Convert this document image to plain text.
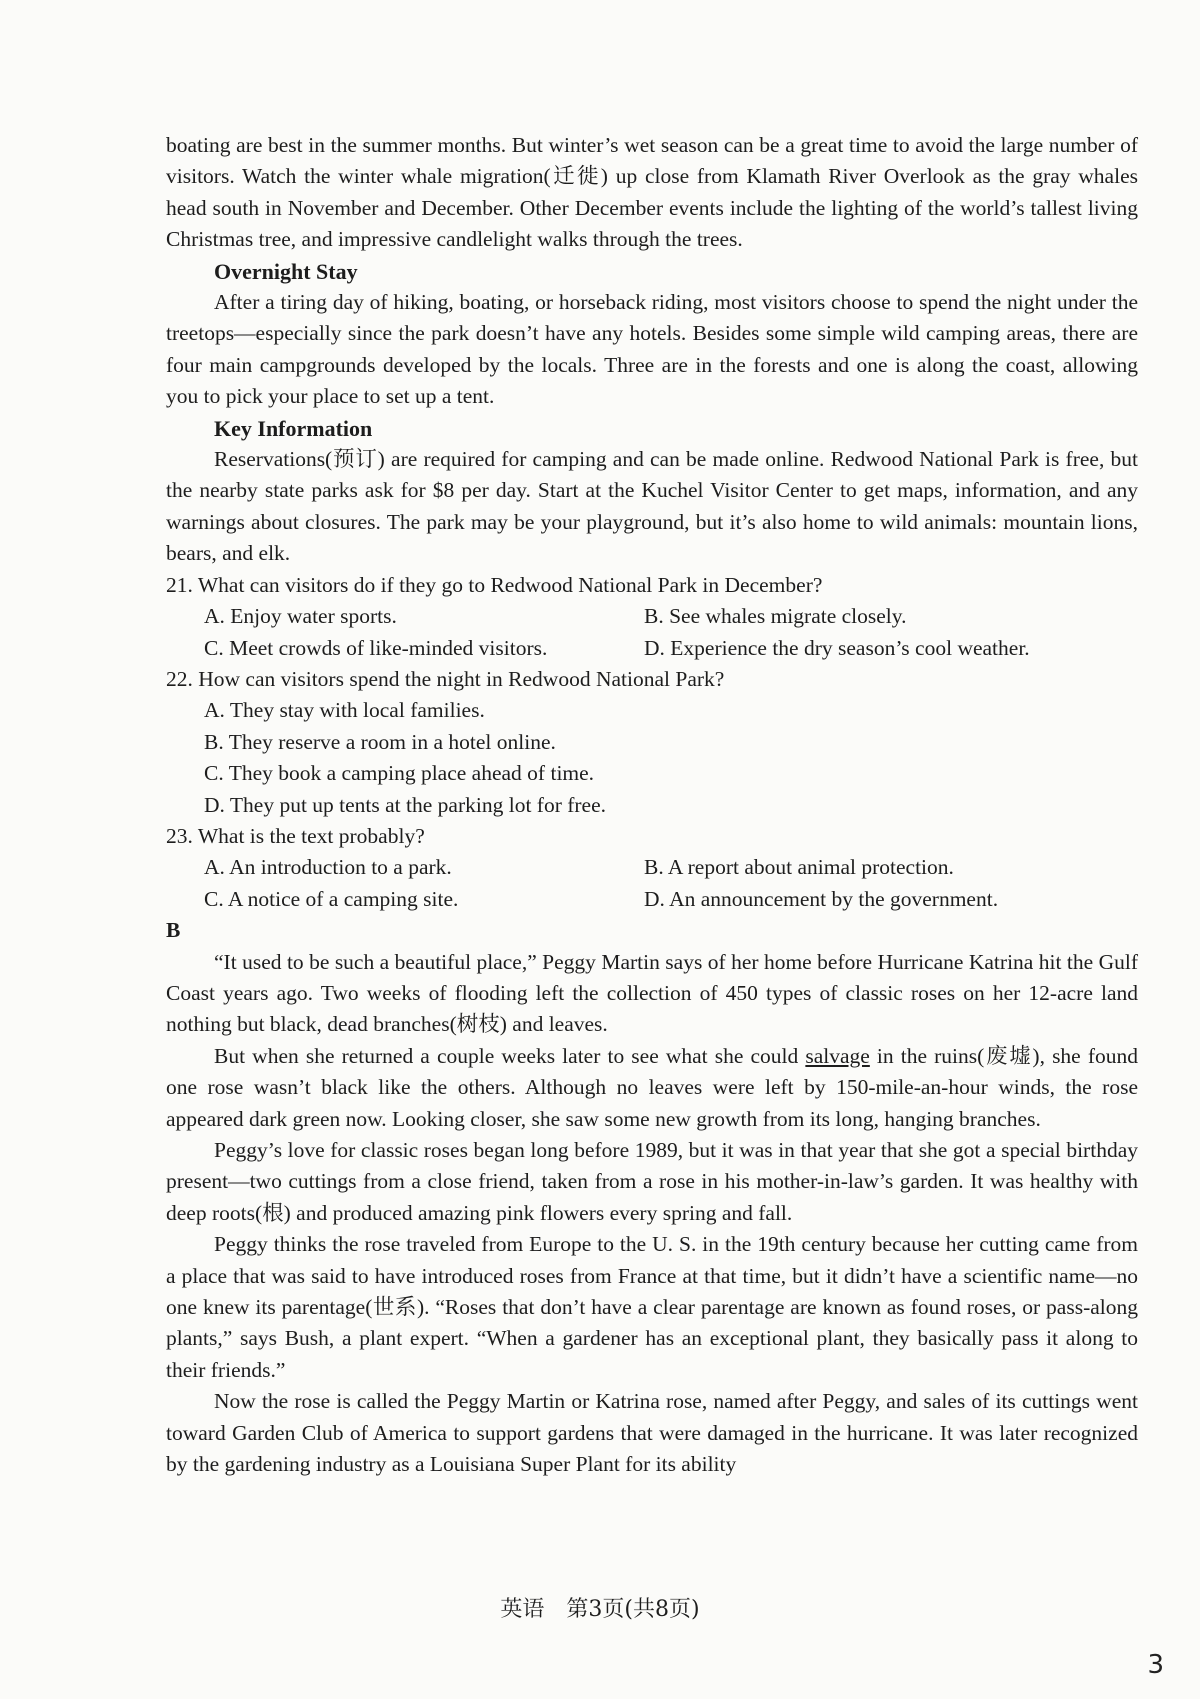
boating are best in the summer months. But winter’s wet season can be a great time to avoid the large number of visitors. Watch the winter whale migration(迁徙) up close from Klamath River Overlook as the gray whales head south in November and December. Other December events include the lighting of the world’s tallest living Christmas tree, and impressive candlelight walks through the trees.

Overnight Stay

After a tiring day of hiking, boating, or horseback riding, most visitors choose to spend the night under the treetops—especially since the park doesn’t have any hotels. Besides some simple wild camping areas, there are four main campgrounds developed by the locals. Three are in the forests and one is along the coast, allowing you to pick your place to set up a tent.

Key Information

Reservations(预订) are required for camping and can be made online. Redwood National Park is free, but the nearby state parks ask for $8 per day. Start at the Kuchel Visitor Center to get maps, information, and any warnings about closures. The park may be your playground, but it’s also home to wild animals: mountain lions, bears, and elk.

21. What can visitors do if they go to Redwood National Park in December?

A. Enjoy water sports.	B. See whales migrate closely.
C. Meet crowds of like-minded visitors.	D. Experience the dry season’s cool weather.

22. How can visitors spend the night in Redwood National Park?

A. They stay with local families.
B. They reserve a room in a hotel online.
C. They book a camping place ahead of time.
D. They put up tents at the parking lot for free.

23. What is the text probably?

A. An introduction to a park.	B. A report about animal protection.
C. A notice of a camping site.	D. An announcement by the government.

B

“It used to be such a beautiful place,” Peggy Martin says of her home before Hurricane Katrina hit the Gulf Coast years ago. Two weeks of flooding left the collection of 450 types of classic roses on her 12-acre land nothing but black, dead branches(树枝) and leaves.

But when she returned a couple weeks later to see what she could salvage in the ruins(废墟), she found one rose wasn’t black like the others. Although no leaves were left by 150-mile-an-hour winds, the rose appeared dark green now. Looking closer, she saw some new growth from its long, hanging branches.

Peggy’s love for classic roses began long before 1989, but it was in that year that she got a special birthday present—two cuttings from a close friend, taken from a rose in his mother-in-law’s garden. It was healthy with deep roots(根) and produced amazing pink flowers every spring and fall.

Peggy thinks the rose traveled from Europe to the U. S. in the 19th century because her cutting came from a place that was said to have introduced roses from France at that time, but it didn’t have a scientific name—no one knew its parentage(世系). “Roses that don’t have a clear parentage are known as found roses, or pass-along plants,” says Bush, a plant expert. “When a gardener has an exceptional plant, they basically pass it along to their friends.”

Now the rose is called the Peggy Martin or Katrina rose, named after Peggy, and sales of its cuttings went toward Garden Club of America to support gardens that were damaged in the hurricane. It was later recognized by the gardening industry as a Louisiana Super Plant for its ability

英语　第3页(共8页)
3
